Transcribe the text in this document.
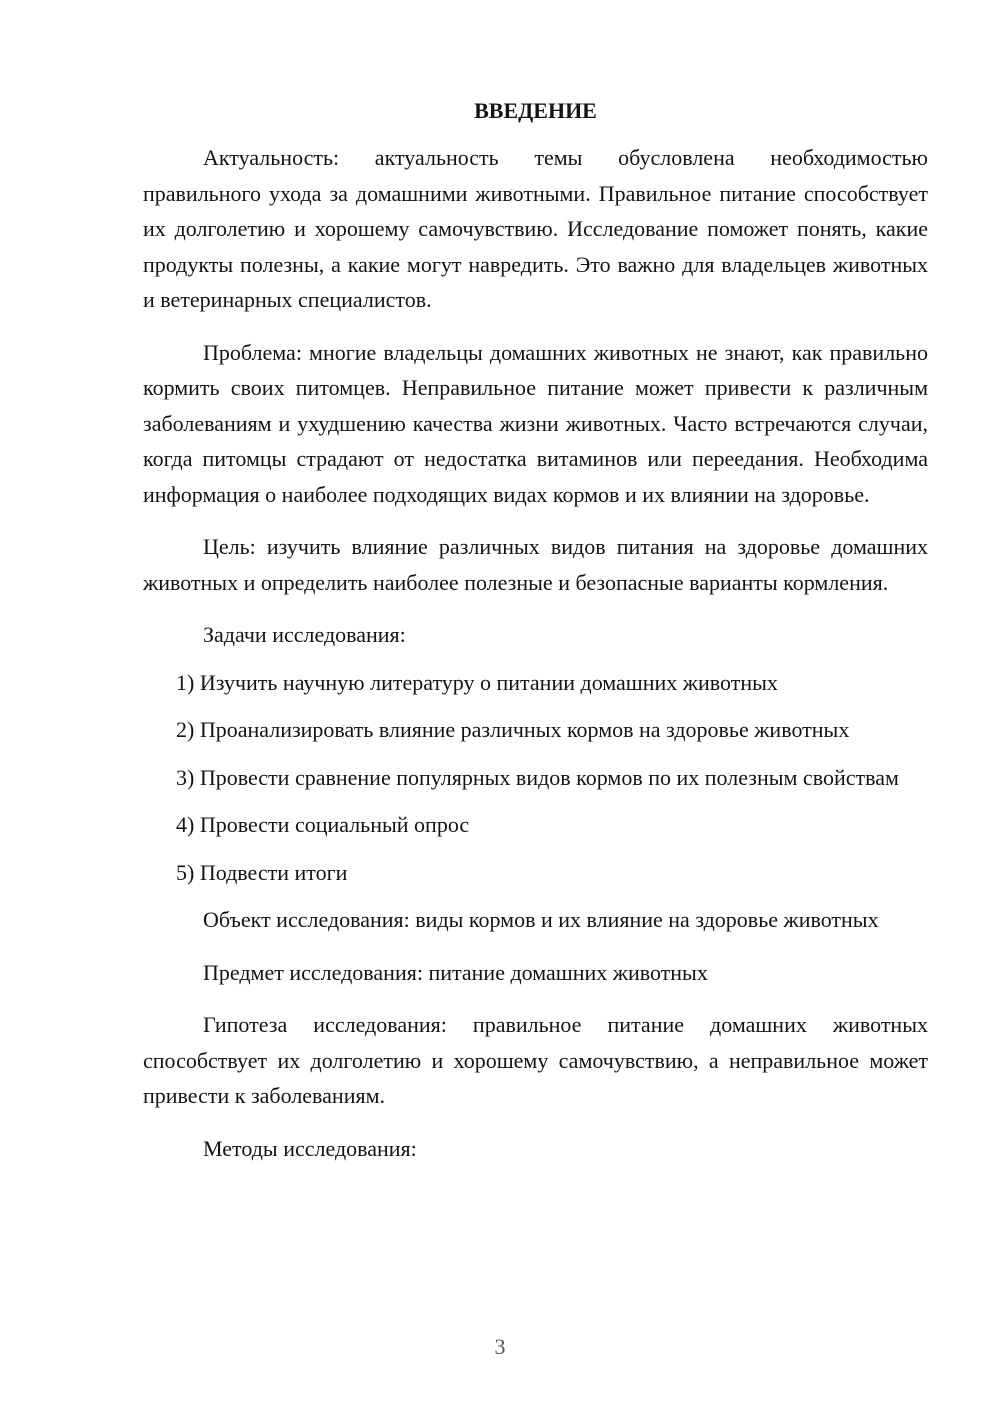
ВВЕДЕНИЕ

Актуальность: актуальность темы обусловлена необходимостью правильного ухода за домашними животными. Правильное питание способствует их долголетию и хорошему самочувствию. Исследование поможет понять, какие продукты полезны, а какие могут навредить. Это важно для владельцев животных и ветеринарных специалистов.

Проблема: многие владельцы домашних животных не знают, как правильно кормить своих питомцев. Неправильное питание может привести к различным заболеваниям и ухудшению качества жизни животных. Часто встречаются случаи, когда питомцы страдают от недостатка витаминов или переедания. Необходима информация о наиболее подходящих видах кормов и их влиянии на здоровье.

Цель: изучить влияние различных видов питания на здоровье домашних животных и определить наиболее полезные и безопасные варианты кормления.

Задачи исследования:

1) Изучить научную литературу о питании домашних животных

2) Проанализировать влияние различных кормов на здоровье животных

3) Провести сравнение популярных видов кормов по их полезным свойствам

4) Провести социальный опрос

5) Подвести итоги

Объект исследования: виды кормов и их влияние на здоровье животных

Предмет исследования: питание домашних животных

Гипотеза исследования: правильное питание домашних животных способствует их долголетию и хорошему самочувствию, а неправильное может привести к заболеваниям.

Методы исследования:

3
